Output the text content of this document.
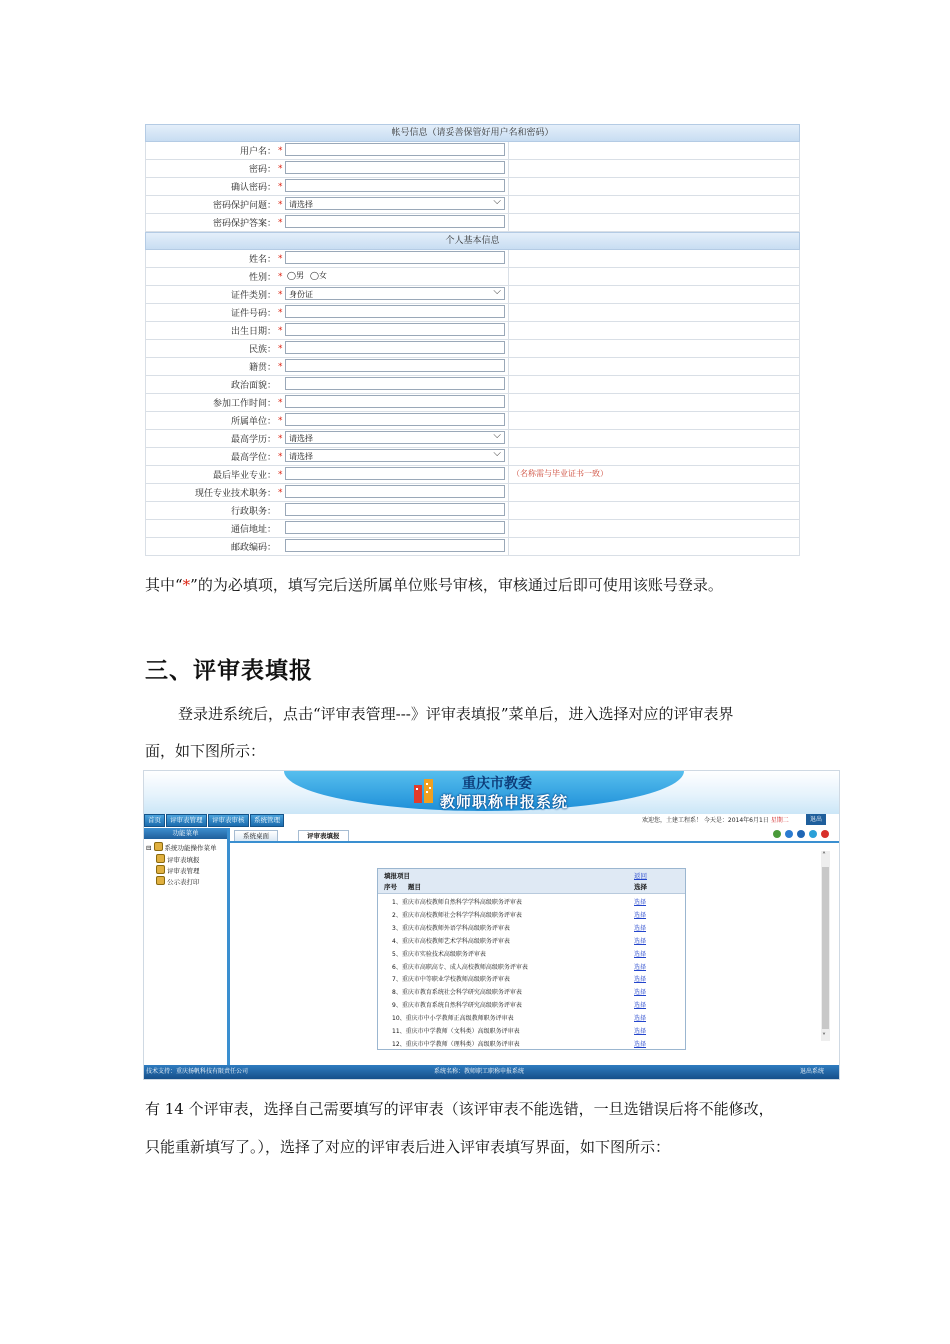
帐号信息（请妥善保管好用户名和密码）
用户名： *
密码： *
确认密码： *
密码保护问题： * 请选择 ⌵
密码保护答案： *
个人基本信息
姓名： *
性别： * ◯男 ◯女
证件类别： * 身份证 ⌵
证件号码： *
出生日期： *
民族： *
籍贯： *
政治面貌：
参加工作时间： *
所属单位： *
最高学历： * 请选择 ⌵
最高学位： * 请选择 ⌵
最后毕业专业： *	（名称需与毕业证书一致）
现任专业技术职务： *
行政职务：
通信地址：
邮政编码：
其中“*”的为必填项，填写完后送所属单位账号审核，审核通过后即可使用该账号登录。
三、评审表填报
登录进系统后，点击“评审表管理---》评审表填报”菜单后，进入选择对应的评审表界
面，如下图所示：
重庆市教委
教师职称申报系统
首页	评审表管理	评审表审核	系统管理	欢迎您，土建工程系！ 今天是：2014年6月1日 星期二	退出
功能菜单
⊟ 系统功能操作菜单
评审表填报
评审表管理
公示表打印
系统桌面	评审表填报
˄
˅
填报项目
序号 题目
返回
选择
1、重庆市高校教师自然科学学科高级职务评审表	选择
2、重庆市高校教师社会科学学科高级职务评审表	选择
3、重庆市高校教师外语学科高级职务评审表	选择
4、重庆市高校教师艺术学科高级职务评审表	选择
5、重庆市实验技术高级职务评审表	选择
6、重庆市高职高专、成人高校教师高级职务评审表	选择
7、重庆市中等职业学校教师高级职务评审表	选择
8、重庆市教育系统社会科学研究高级职务评审表	选择
9、重庆市教育系统自然科学研究高级职务评审表	选择
10、重庆市中小学教师正高级教师职务评审表	选择
11、重庆市中学教师（文科类）高级职务评审表	选择
12、重庆市中学教师（理科类）高级职务评审表	选择
技术支持：重庆扬帆科技有限责任公司	系统名称：教师职工职称申报系统	退出系统
有 14 个评审表，选择自己需要填写的评审表（该评审表不能选错，一旦选错误后将不能修改，
只能重新填写了。），选择了对应的评审表后进入评审表填写界面，如下图所示：
